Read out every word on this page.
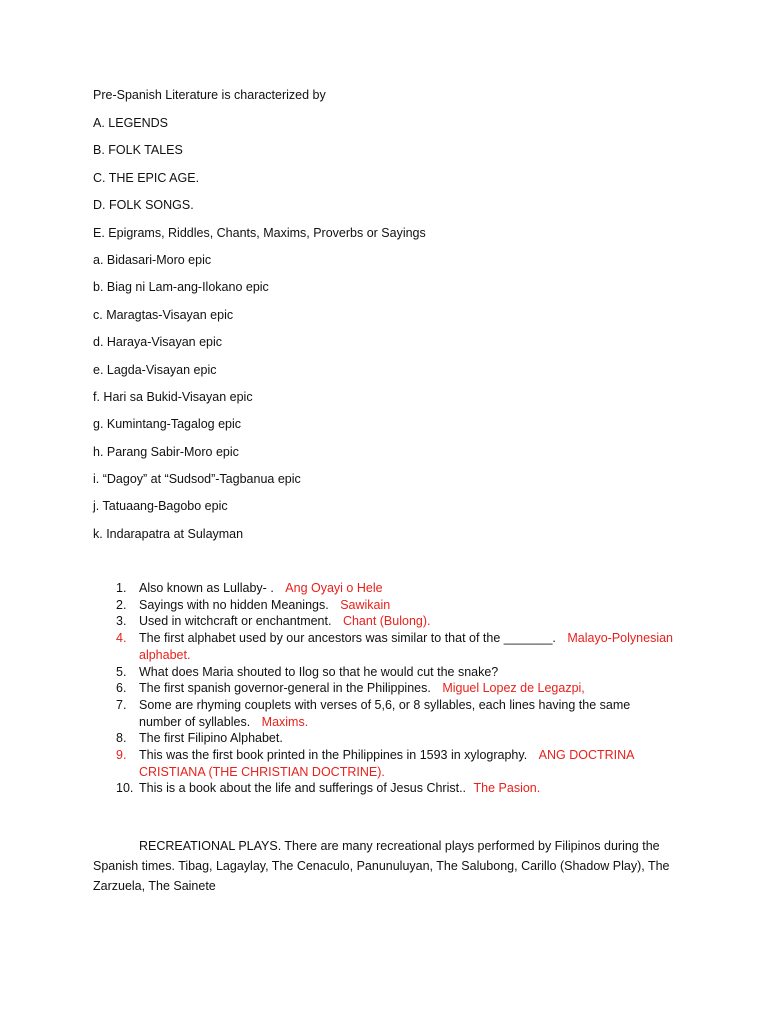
Pre-Spanish Literature is characterized by

A. LEGENDS
B. FOLK TALES
C. THE EPIC AGE.
D. FOLK SONGS.
E. Epigrams, Riddles, Chants, Maxims, Proverbs or Sayings
a. Bidasari-Moro epic
b. Biag ni Lam-ang-Ilokano epic
c. Maragtas-Visayan epic
d. Haraya-Visayan epic
e. Lagda-Visayan epic
f. Hari sa Bukid-Visayan epic
g. Kumintang-Tagalog epic
h. Parang Sabir-Moro epic
i. “Dagoy” at “Sudsod”-Tagbanua epic
j. Tatuaang-Bagobo epic
k. Indarapatra at Sulayman
1. Also known as Lullaby- . Ang Oyayi o Hele
2. Sayings with no hidden Meanings. Sawikain
3. Used in witchcraft or enchantment. Chant (Bulong).
4. The first alphabet used by our ancestors was similar to that of the _______. Malayo-Polynesian alphabet.
5. What does Maria shouted to Ilog so that he would cut the snake?
6. The first spanish governor-general in the Philippines. Miguel Lopez de Legazpi,
7. Some are rhyming couplets with verses of 5,6, or 8 syllables, each lines having the same number of syllables. Maxims.
8. The first Filipino Alphabet.
9. This was the first book printed in the Philippines in 1593 in xylography. ANG DOCTRINA CRISTIANA (THE CHRISTIAN DOCTRINE).
10. This is a book about the life and sufferings of Jesus Christ.. The Pasion.

RECREATIONAL PLAYS. There are many recreational plays performed by Filipinos during the Spanish times. Tibag, Lagaylay, The Cenaculo, Panunuluyan, The Salubong, Carillo (Shadow Play), The Zarzuela, The Sainete
